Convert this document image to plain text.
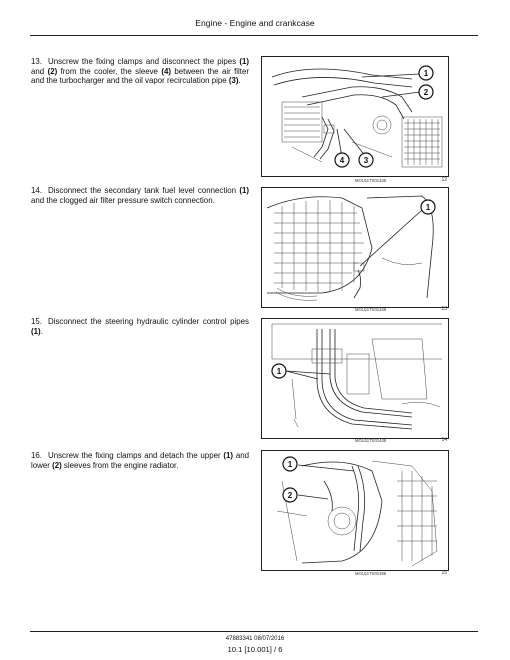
Engine - Engine and crankcase
13. Unscrew the fixing clamps and disconnect the pipes (1) and (2) from the cooler, the sleeve (4) between the air filter and the turbocharger and the oil vapor recirculation pipe (3).
1
2
4 3
MOU11TS01345	12
14. Disconnect the secondary tank fuel level connection (1) and the clogged air filter pressure switch connection.
1
MOU11TS01349	13
15. Disconnect the steering hydraulic cylinder control pipes (1).
1
MOU11TS01445	14
16. Unscrew the fixing clamps and detach the upper (1) and lower (2) sleeves from the engine radiator.	1
2
MOU11TS01396	15
47883341 08/07/2016
10.1 [10.001] / 6
